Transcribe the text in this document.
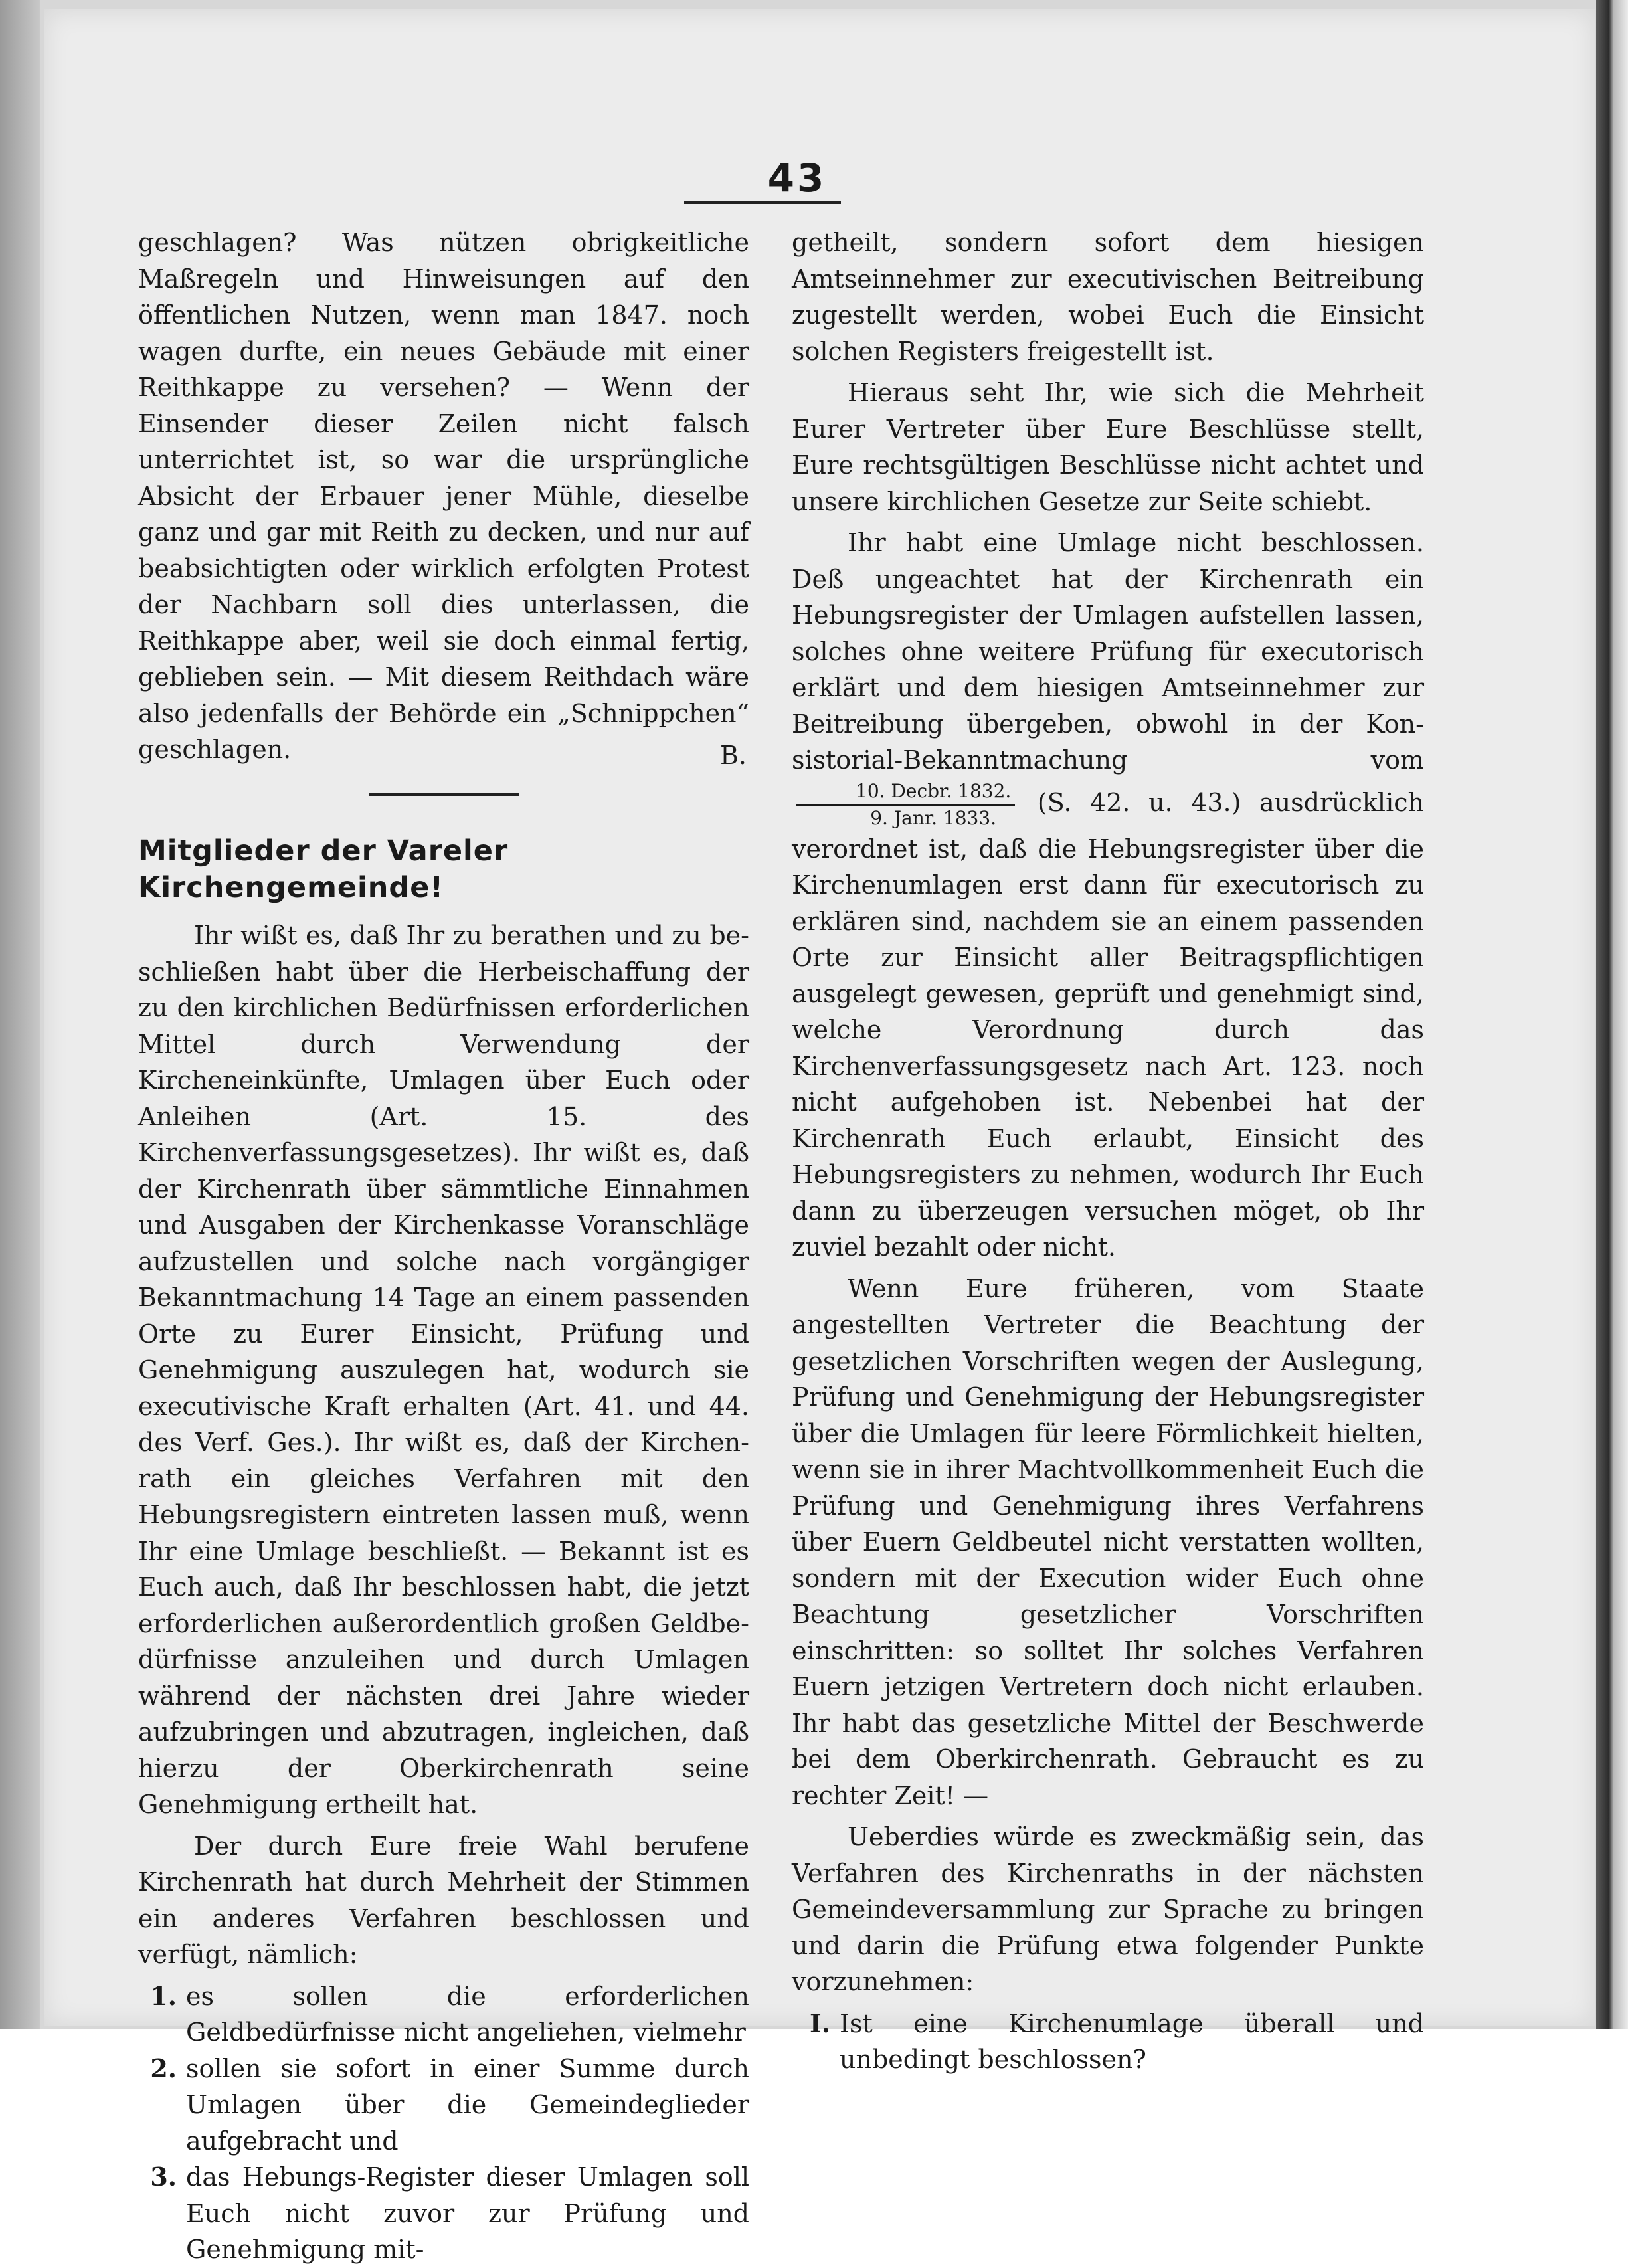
43

geschlagen? Was nützen obrigkeitliche Maßregeln und Hinweisungen auf den öffentlichen Nutzen, wenn man 1847. noch wagen durfte, ein neues Gebäude mit einer Reithkappe zu versehen? — Wenn der Einsender dieser Zeilen nicht falsch unterrichtet ist, so war die ursprüngliche Absicht der Erbauer jener Mühle, dieselbe ganz und gar mit Reith zu decken, und nur auf beabsichtigten oder wirklich erfolgten Protest der Nachbarn soll dies unterlassen, die Reithkappe aber, weil sie doch einmal fertig, geblieben sein. — Mit diesem Reithdach wäre also jedenfalls der Behörde ein „Schnippchen“ geschlagen.	B.
Mitglieder der Vareler Kirchengemeinde!

Ihr wißt es, daß Ihr zu berathen und zu beschließen habt über die Herbeischaffung der zu den kirchlichen Bedürfnissen erforderlichen Mittel durch Verwendung der Kircheneinkünfte, Umlagen über Euch oder Anleihen (Art. 15. des Kirchenverfassungsgesetzes). Ihr wißt es, daß der Kirchenrath über sämmtliche Einnahmen und Ausgaben der Kirchenkasse Voranschläge aufzustellen und solche nach vorgängiger Bekanntmachung 14 Tage an einem passenden Orte zu Eurer Einsicht, Prüfung und Genehmigung auszulegen hat, wodurch sie executivische Kraft erhalten (Art. 41. und 44. des Verf. Ges.). Ihr wißt es, daß der Kirchenrath ein gleiches Verfahren mit den Hebungsregistern eintreten lassen muß, wenn Ihr eine Umlage beschließt. — Bekannt ist es Euch auch, daß Ihr beschlossen habt, die jetzt erforderlichen außerordentlich großen Geldbedürfnisse anzuleihen und durch Umlagen während der nächsten drei Jahre wieder aufzubringen und abzutragen, ingleichen, daß hierzu der Oberkirchenrath seine Genehmigung ertheilt hat.

Der durch Eure freie Wahl berufene Kirchenrath hat durch Mehrheit der Stimmen ein anderes Verfahren beschlossen und verfügt, nämlich:

1. es sollen die erforderlichen Geldbedürfnisse nicht angeliehen, vielmehr
2. sollen sie sofort in einer Summe durch Umlagen über die Gemeindeglieder aufgebracht und
3. das Hebungs-Register dieser Umlagen soll Euch nicht zuvor zur Prüfung und Genehmigung mit-

getheilt, sondern sofort dem hiesigen Amtseinnehmer zur executivischen Beitreibung zugestellt werden, wobei Euch die Einsicht solchen Registers freigestellt ist.

Hieraus seht Ihr, wie sich die Mehrheit Eurer Vertreter über Eure Beschlüsse stellt, Eure rechtsgültigen Beschlüsse nicht achtet und unsere kirchlichen Gesetze zur Seite schiebt.

Ihr habt eine Umlage nicht beschlossen. Deß ungeachtet hat der Kirchenrath ein Hebungsregister der Umlagen aufstellen lassen, solches ohne weitere Prüfung für executorisch erklärt und dem hiesigen Amtseinnehmer zur Beitreibung übergeben, obwohl in der Konsistorial-Bekanntmachung vom
$\frac{\text{10. Decbr. 1832.}}{\text{9. Janr. 1833.}} (S$. 42. u. 43.) ausdrücklich verordnet ist, daß die Hebungsregister über die Kirchenumlagen erst dann für executorisch zu erklären sind, nachdem sie an einem passenden Orte zur Einsicht aller Beitragspflichtigen ausgelegt gewesen, geprüft und genehmigt sind, welche Verordnung durch das Kirchenverfassungsgesetz nach Art. 123. noch nicht aufgehoben ist. Nebenbei hat der Kirchenrath Euch erlaubt, Einsicht des Hebungsregisters zu nehmen, wodurch Ihr Euch dann zu überzeugen versuchen möget, ob Ihr zuviel bezahlt oder nicht.

Wenn Eure früheren, vom Staate angestellten Vertreter die Beachtung der gesetzlichen Vorschriften wegen der Auslegung, Prüfung und Genehmigung der Hebungsregister über die Umlagen für leere Förmlichkeit hielten, wenn sie in ihrer Machtvollkommenheit Euch die Prüfung und Genehmigung ihres Verfahrens über Euern Geldbeutel nicht verstatten wollten, sondern mit der Execution wider Euch ohne Beachtung gesetzlicher Vorschriften einschritten: so solltet Ihr solches Verfahren Euern jetzigen Vertretern doch nicht erlauben. Ihr habt das gesetzliche Mittel der Beschwerde bei dem Oberkirchenrath. Gebraucht es zu rechter Zeit! —

Ueberdies würde es zweckmäßig sein, das Verfahren des Kirchenraths in der nächsten Gemeindeversammlung zur Sprache zu bringen und darin die Prüfung etwa folgender Punkte vorzunehmen:

I. Ist eine Kirchenumlage überall und unbedingt beschlossen?
